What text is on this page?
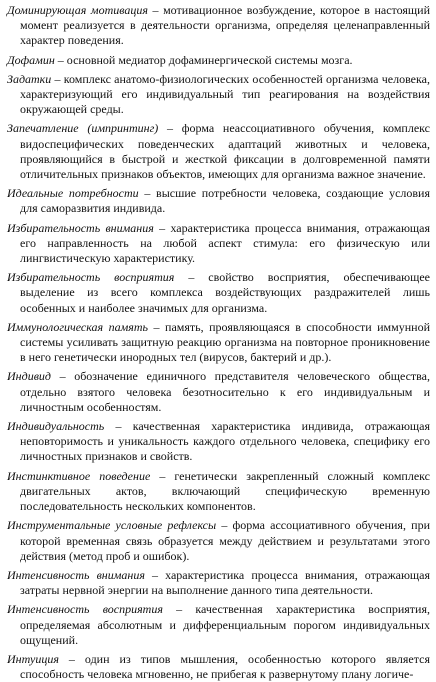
Доминирующая мотивация – мотивационное возбуждение, которое в настоящий момент реализуется в деятельности организма, определяя целенаправленный характер поведения.

Дофамин – основной медиатор дофаминергической системы мозга.

Задатки – комплекс анатомо-физиологических особенностей организма человека, характеризующий его индивидуальный тип реагирования на воздействия окружающей среды.

Запечатление (импринтинг) – форма неассоциативного обучения, комплекс видоспецифических поведенческих адаптаций животных и человека, проявляющийся в быстрой и жесткой фиксации в долговременной памяти отличительных признаков объектов, имеющих для организма важное значение.

Идеальные потребности – высшие потребности человека, создающие условия для саморазвития индивида.

Избирательность внимания – характеристика процесса внимания, отражающая его направленность на любой аспект стимула: его физическую или лингвистическую характеристику.

Избирательность восприятия – свойство восприятия, обеспечивающее выделение из всего комплекса воздействующих раздражителей лишь особенных и наиболее значимых для организма.

Иммунологическая память – память, проявляющаяся в способности иммунной системы усиливать защитную реакцию организма на повторное проникновение в него генетически инородных тел (вирусов, бактерий и др.).

Индивид – обозначение единичного представителя человеческого общества, отдельно взятого человека безотносительно к его индивидуальным и личностным особенностям.

Индивидуальность – качественная характеристика индивида, отражающая неповторимость и уникальность каждого отдельного человека, специфику его личностных признаков и свойств.

Инстинктивное поведение – генетически закрепленный сложный комплекс двигательных актов, включающий специфическую временную последовательность нескольких компонентов.

Инструментальные условные рефлексы – форма ассоциативного обучения, при которой временная связь образуется между действием и результатами этого действия (метод проб и ошибок).

Интенсивность внимания – характеристика процесса внимания, отражающая затраты нервной энергии на выполнение данного типа деятельности.

Интенсивность восприятия – качественная характеристика восприятия, определяемая абсолютным и дифференциальным порогом индивидуальных ощущений.

Интуиция – один из типов мышления, особенностью которого является способность человека мгновенно, не прибегая к развернутому плану логиче-
